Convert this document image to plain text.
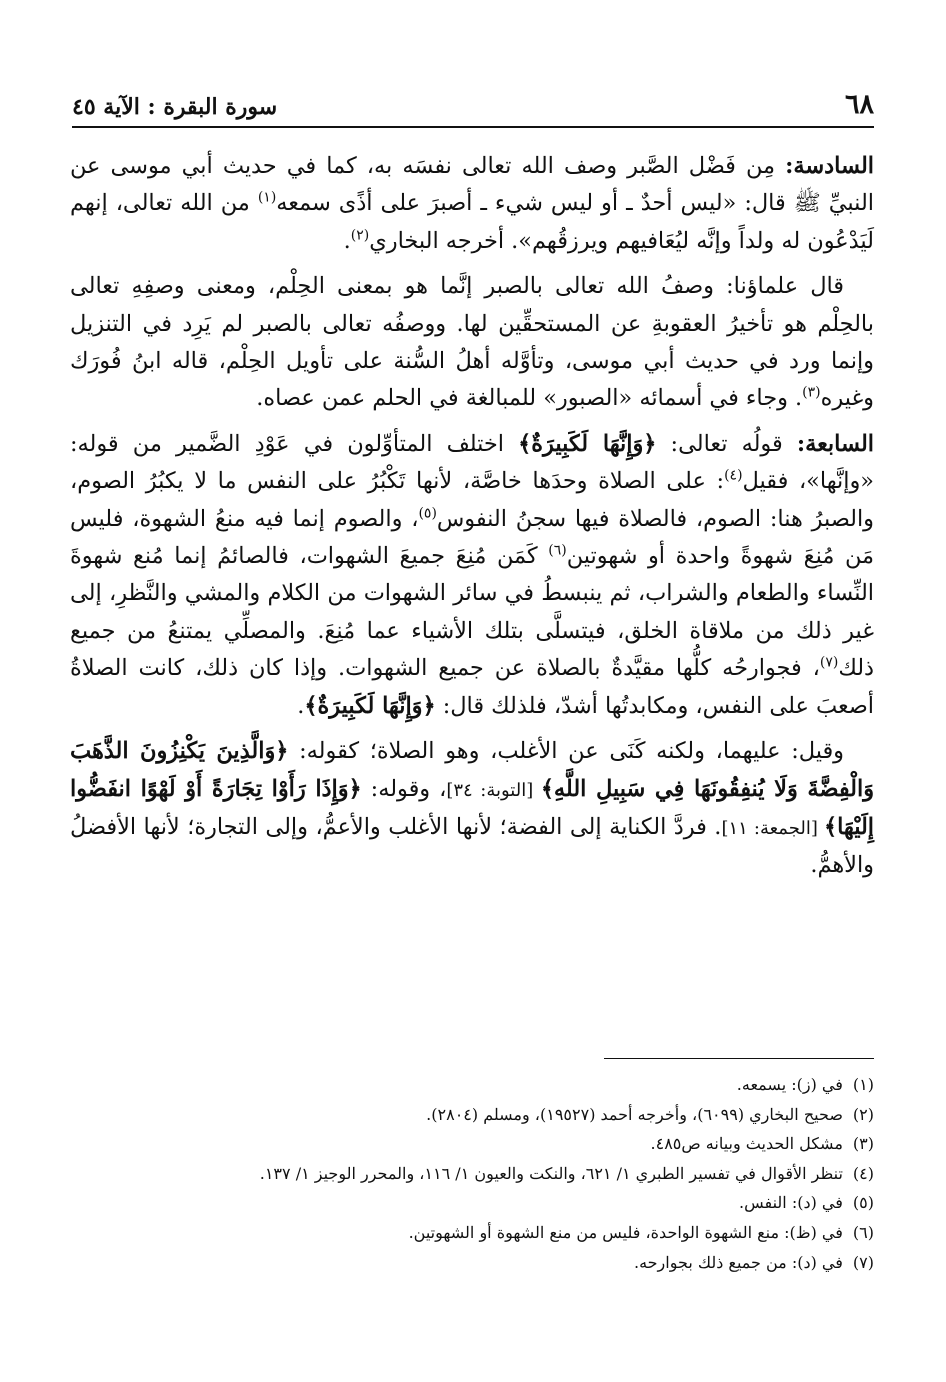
٦٨
سورة البقرة : الآية ٤٥

السادسة: مِن فَضْل الصَّبر وصف الله تعالى نفسَه به، كما في حديث أبي موسى عن النبيِّ ﷺ قال: «ليس أحدٌ ـ أو ليس شيء ـ أصبرَ على أذًى سمعه$^{(١)}$ من الله تعالى، إنهم لَيَدْعُون له ولداً وإنَّه ليُعَافيهم ويرزقُهم». أخرجه البخاري$^{(٢)}$.

قال علماؤنا: وصفُ الله تعالى بالصبر إنَّما هو بمعنى الحِلْم، ومعنى وصفِهِ تعالى بالحِلْم هو تأخيرُ العقوبةِ عن المستحقِّين لها. ووصفُه تعالى بالصبر لم يَرِد في التنزيل وإنما ورد في حديث أبي موسى، وتأوَّله أهلُ السُّنة على تأويل الحِلْم، قاله ابنُ فُورَك وغيره$^{(٣)}$. وجاء في أسمائه «الصبور» للمبالغة في الحلم عمن عصاه.

السابعة: قولُه تعالى: ﴿وَإِنَّهَا لَكَبِيرَةٌ﴾ اختلف المتأوِّلون في عَوْدِ الضَّمير من قوله: «وإنَّها»، فقيل$^{(٤)}$: على الصلاة وحدَها خاصَّة، لأنها تَكْبُرُ على النفس ما لا يكبُرُ الصوم، والصبرُ هنا: الصوم، فالصلاة فيها سجنُ النفوس$^{(٥)}$، والصوم إنما فيه منعُ الشهوة، فليس مَن مُنِعَ شهوةً واحدة أو شهوتين$^{(٦)}$ كَمَن مُنِعَ جميعَ الشهوات، فالصائمُ إنما مُنع شهوةَ النِّساء والطعام والشراب، ثم ينبسطُ في سائر الشهوات من الكلام والمشي والنَّظرِ، إلى غير ذلك من ملاقاة الخلق، فيتسلَّى بتلك الأشياء عما مُنِعَ. والمصلِّي يمتنعُ من جميع ذلك$^{(٧)}$، فجوارحُه كلُّها مقيَّدةٌ بالصلاة عن جميع الشهوات. وإذا كان ذلك، كانت الصلاةُ أصعبَ على النفس، ومكابدتُها أشدّ، فلذلك قال: ﴿وَإِنَّهَا لَكَبِيرَةٌ﴾.

وقيل: عليهما، ولكنه كَنَى عن الأغلب، وهو الصلاة؛ كقوله: ﴿وَالَّذِينَ يَكْنِزُونَ الذَّهَبَ وَالْفِضَّةَ وَلَا يُنفِقُونَهَا فِي سَبِيلِ اللَّهِ﴾ [التوبة: ٣٤]، وقوله: ﴿وَإِذَا رَأَوْا تِجَارَةً أَوْ لَهْوًا انفَضُّوا إِلَيْهَا﴾ [الجمعة: ١١]. فردَّ الكناية إلى الفضة؛ لأنها الأغلب والأعمُّ، وإلى التجارة؛ لأنها الأفضلُ والأهمُّ.

(١)
في (ز): يسمعه.
(٢)
صحيح البخاري (٦٠٩٩)، وأخرجه أحمد (١٩٥٢٧)، ومسلم (٢٨٠٤).
(٣)
مشكل الحديث وبيانه ص٤٨٥.
(٤)
تنظر الأقوال في تفسير الطبري ١/ ٦٢١، والنكت والعيون ١/ ١١٦، والمحرر الوجيز ١/ ١٣٧.
(٥)
في (د): النفس.
(٦)
في (ظ): منع الشهوة الواحدة، فليس من منع الشهوة أو الشهوتين.
(٧)
في (د): من جميع ذلك بجوارحه.
